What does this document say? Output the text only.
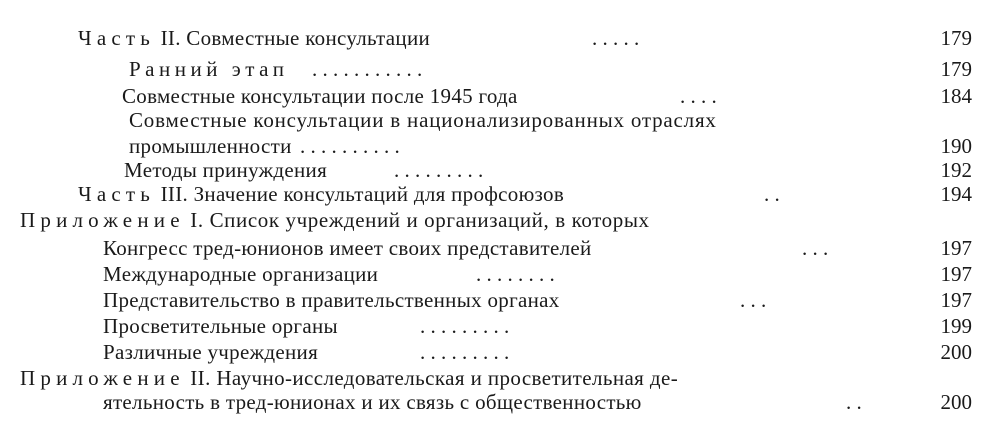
Часть II. Совместные консультации	. . . . .	179
Ранний этап . . . . . . . . . . .	179
Совместные консультации после 1945 года	. . . .	184
Совместные консультации в национализированных отраслях
промышленности . . . . . . . . . .	190
Методы принуждения	. . . . . . . . .	192
Часть III. Значение консультаций для профсоюзов	. .	194
Приложение I. Список учреждений и организаций, в которых
Конгресс тред-юнионов имеет своих представителей	. . .	197
Международные организации	. . . . . . . .	197
Представительство в правительственных органах	. . .	197
Просветительные органы	. . . . . . . . .	199
Различные учреждения	. . . . . . . . .	200
Приложение II. Научно-исследовательская и просветительная де-
ятельность в тред-юнионах и их связь с общественностью	. .	200
